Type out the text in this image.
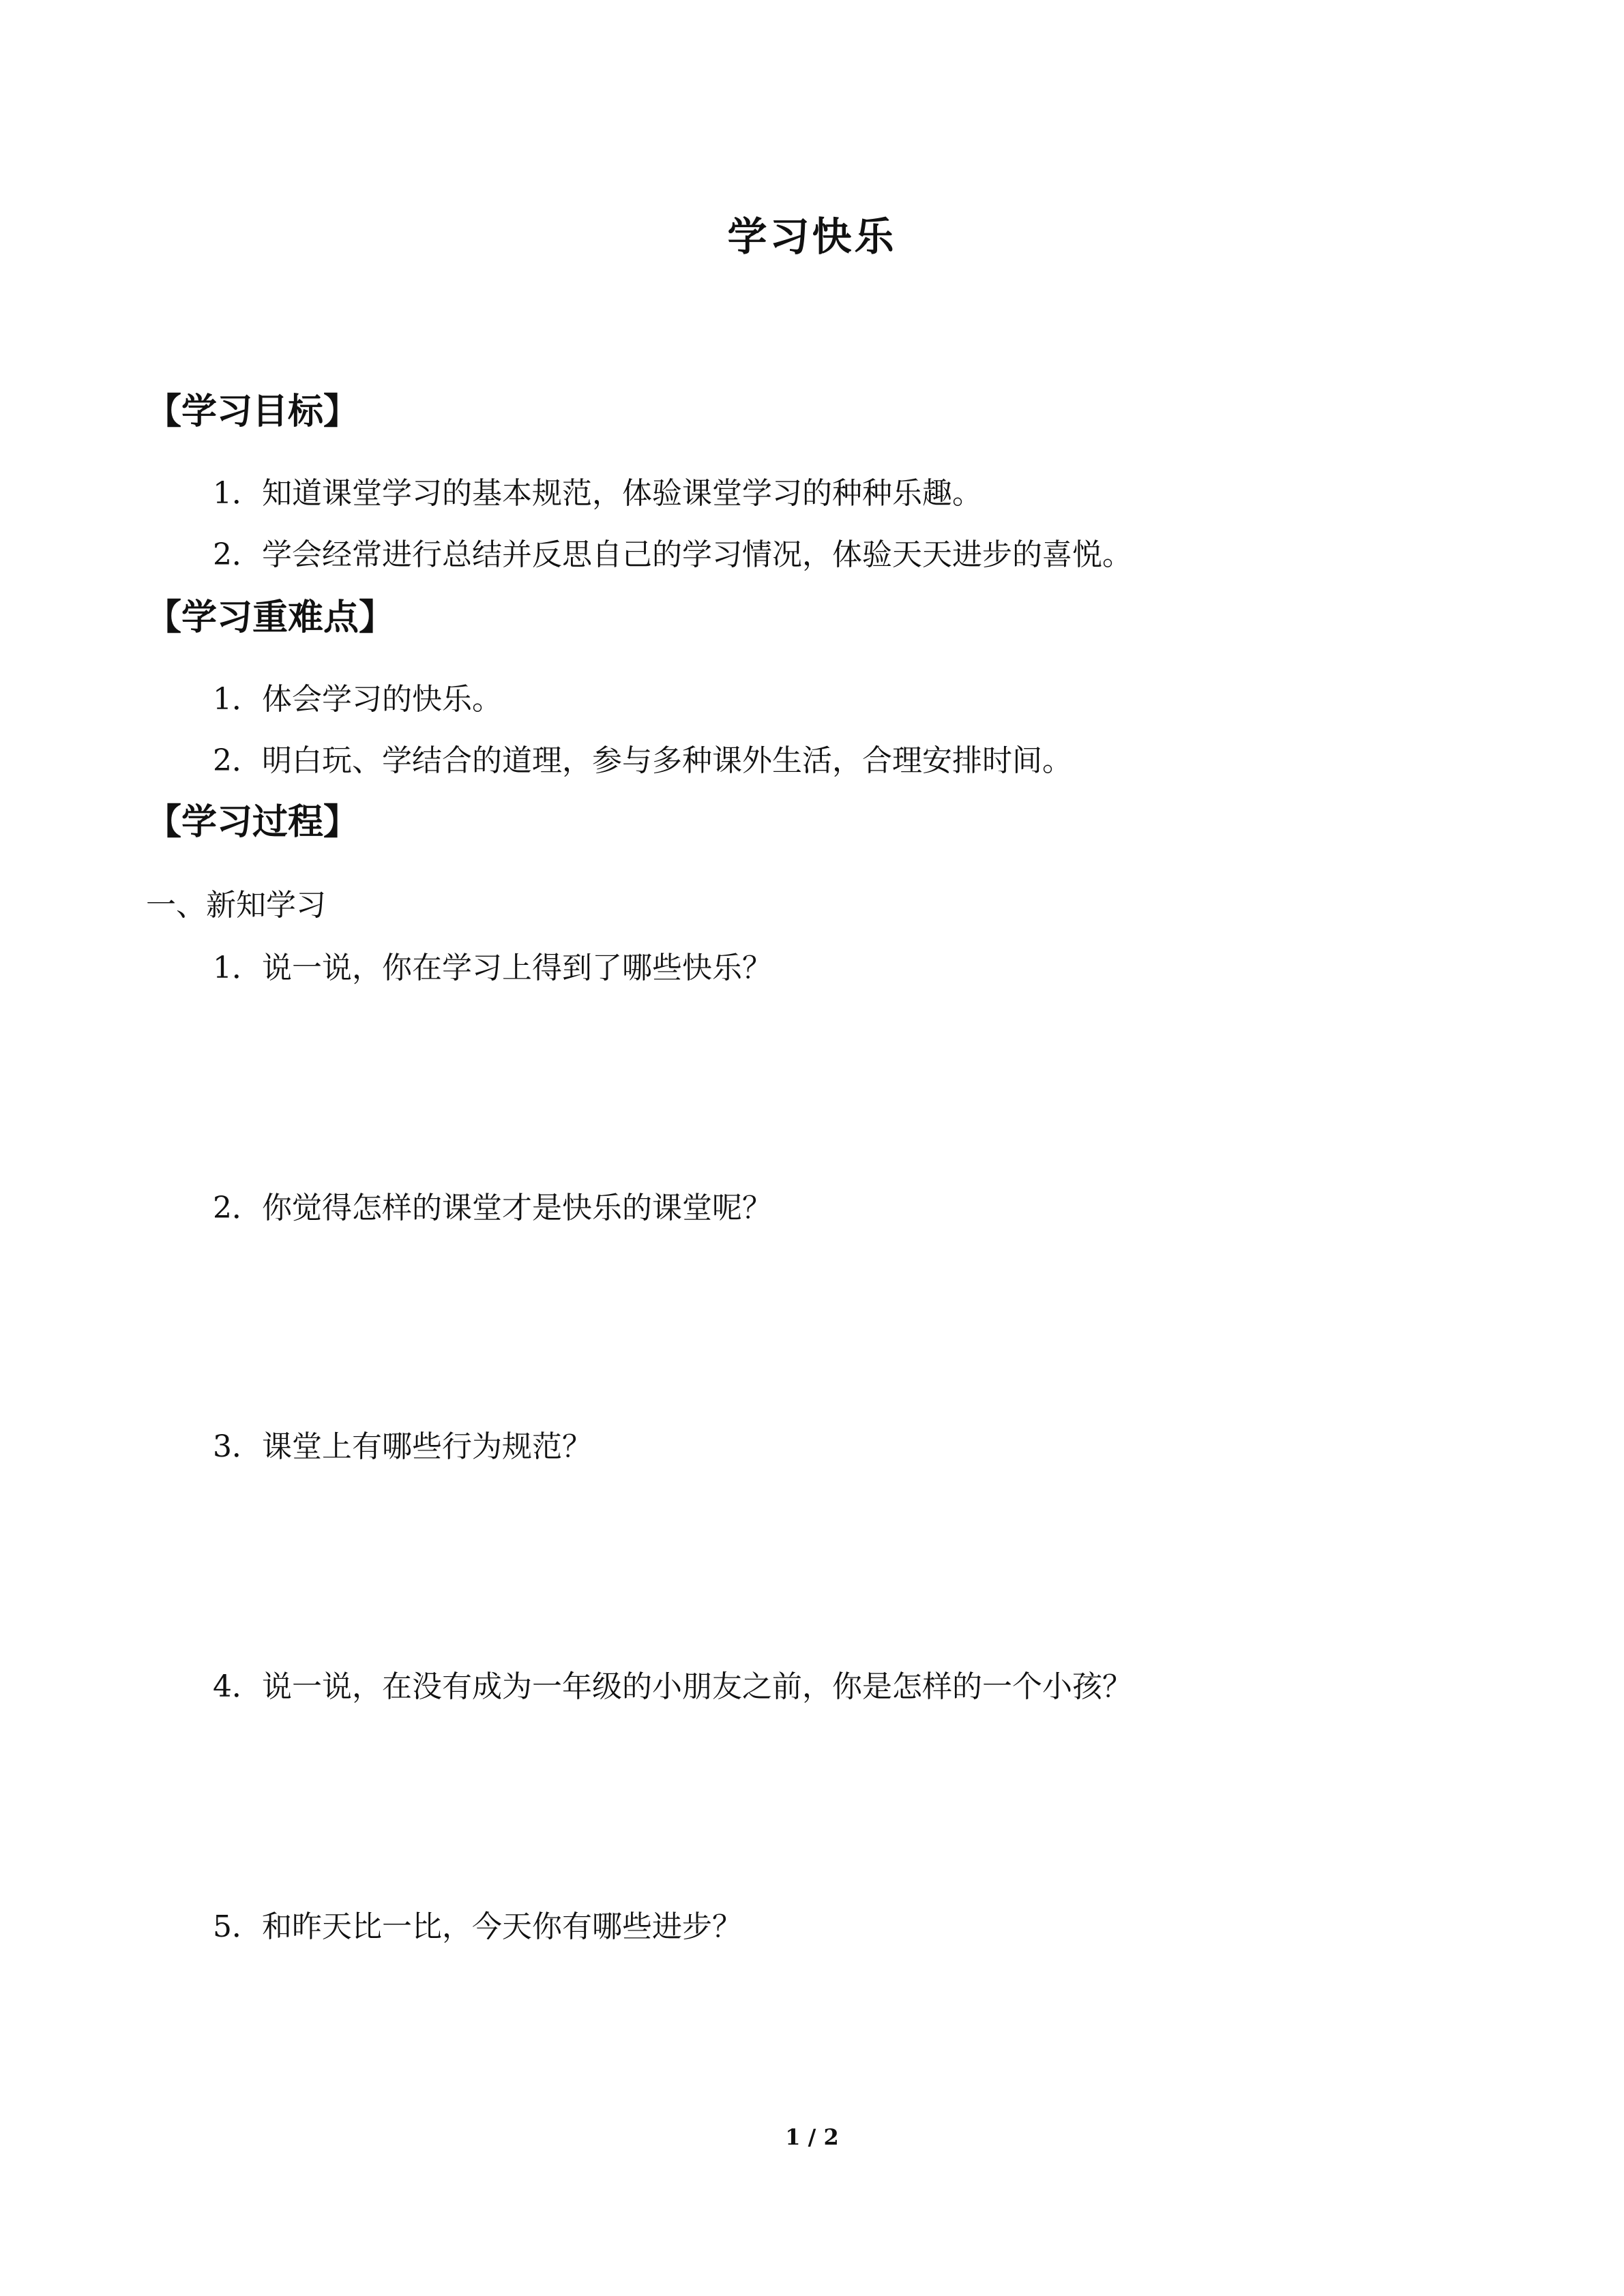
学习快乐
【学习目标】
1．知道课堂学习的基本规范，体验课堂学习的种种乐趣。
2．学会经常进行总结并反思自己的学习情况，体验天天进步的喜悦。
【学习重难点】
1．体会学习的快乐。
2．明白玩、学结合的道理，参与多种课外生活，合理安排时间。
【学习过程】
一、新知学习
1．说一说，你在学习上得到了哪些快乐？
2．你觉得怎样的课堂才是快乐的课堂呢？
3．课堂上有哪些行为规范？
4．说一说，在没有成为一年级的小朋友之前，你是怎样的一个小孩？
5．和昨天比一比，今天你有哪些进步？
1 / 2
